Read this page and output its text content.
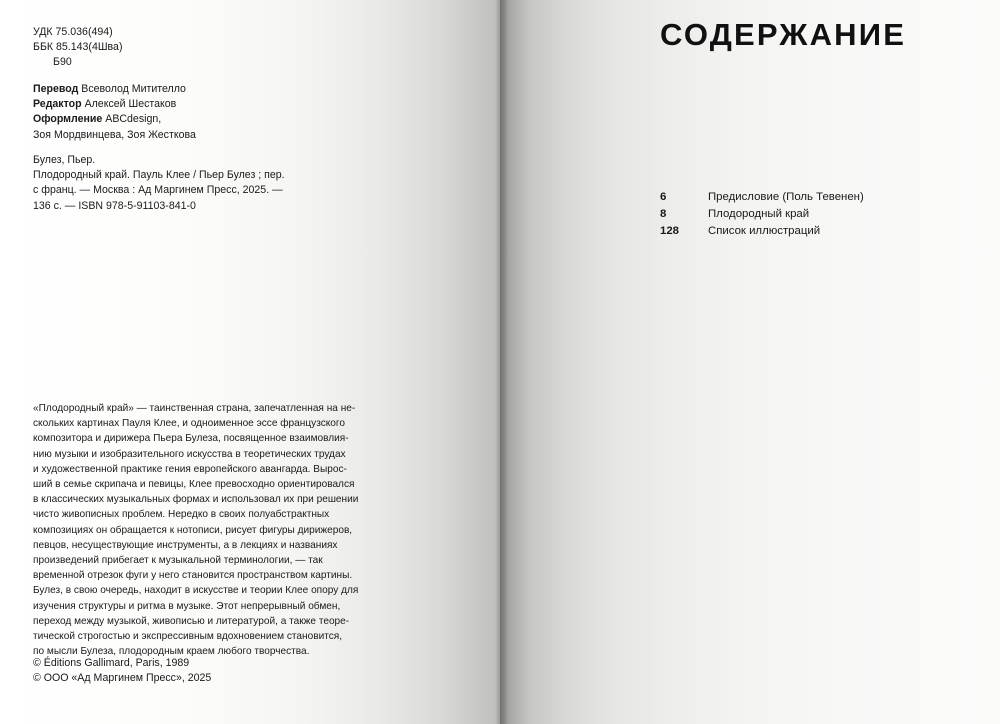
УДК 75.036(494)
ББК 85.143(4Шва)
Б90
Перевод Всеволод Митителло
Редактор Алексей Шестаков
Оформление ABCdesign,
Зоя Мордвинцева, Зоя Жесткова
Булез, Пьер.
Плодородный край. Пауль Клее / Пьер Булез ; пер.
с франц. — Москва : Ад Маргинем Пресс, 2025. —
136 с. — ISBN 978-5-91103-841-0
«Плодородный край» — таинственная страна, запечатленная на не-
скольких картинах Пауля Клее, и одноименное эссе французского
композитора и дирижера Пьера Булеза, посвященное взаимовлия-
нию музыки и изобразительного искусства в теоретических трудах
и художественной практике гения европейского авангарда. Вырос-
ший в семье скрипача и певицы, Клее превосходно ориентировался
в классических музыкальных формах и использовал их при решении
чисто живописных проблем. Нередко в своих полуабстрактных
композициях он обращается к нотописи, рисует фигуры дирижеров,
певцов, несуществующие инструменты, а в лекциях и названиях
произведений прибегает к музыкальной терминологии, — так
временной отрезок фуги у него становится пространством картины.
Булез, в свою очередь, находит в искусстве и теории Клее опору для
изучения структуры и ритма в музыке. Этот непрерывный обмен,
переход между музыкой, живописью и литературой, а также теоре-
тической строгостью и экспрессивным вдохновением становится,
по мысли Булеза, плодородным краем любого творчества.
© Éditions Gallimard, Paris, 1989
© ООО «Ад Маргинем Пресс», 2025
СОДЕРЖАНИЕ
6	Предисловие (Поль Тевенен)
8	Плодородный край
128	Список иллюстраций
